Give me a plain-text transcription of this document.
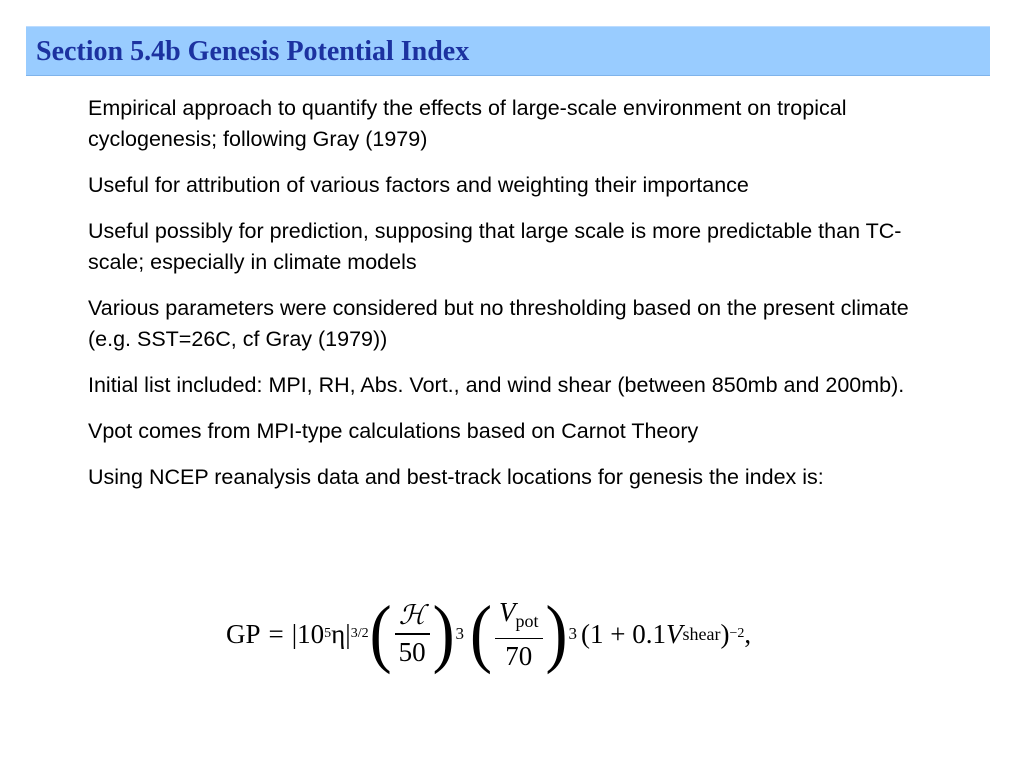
Section 5.4b Genesis Potential Index
Empirical approach to quantify the effects of large-scale environment on tropical cyclogenesis; following Gray (1979)
Useful for attribution of various factors and weighting their importance
Useful possibly for prediction, supposing that large scale is more predictable than TC-scale; especially in climate models
Various parameters were considered but no thresholding based on the present climate (e.g. SST=26C, cf Gray (1979))
Initial list included: MPI, RH, Abs. Vort., and wind shear (between 850mb and 200mb).
Vpot comes from MPI-type calculations based on Carnot Theory
Using NCEP reanalysis data and best-track locations for genesis the index is:
GP = |10 5 η| 3/2 ( $\frac{\text{ℋ}}{50}$ ) 3 ( $\frac{V_{pot}}{70}$ ) 3 (1 + 0.1 V shear ) −2 ,
